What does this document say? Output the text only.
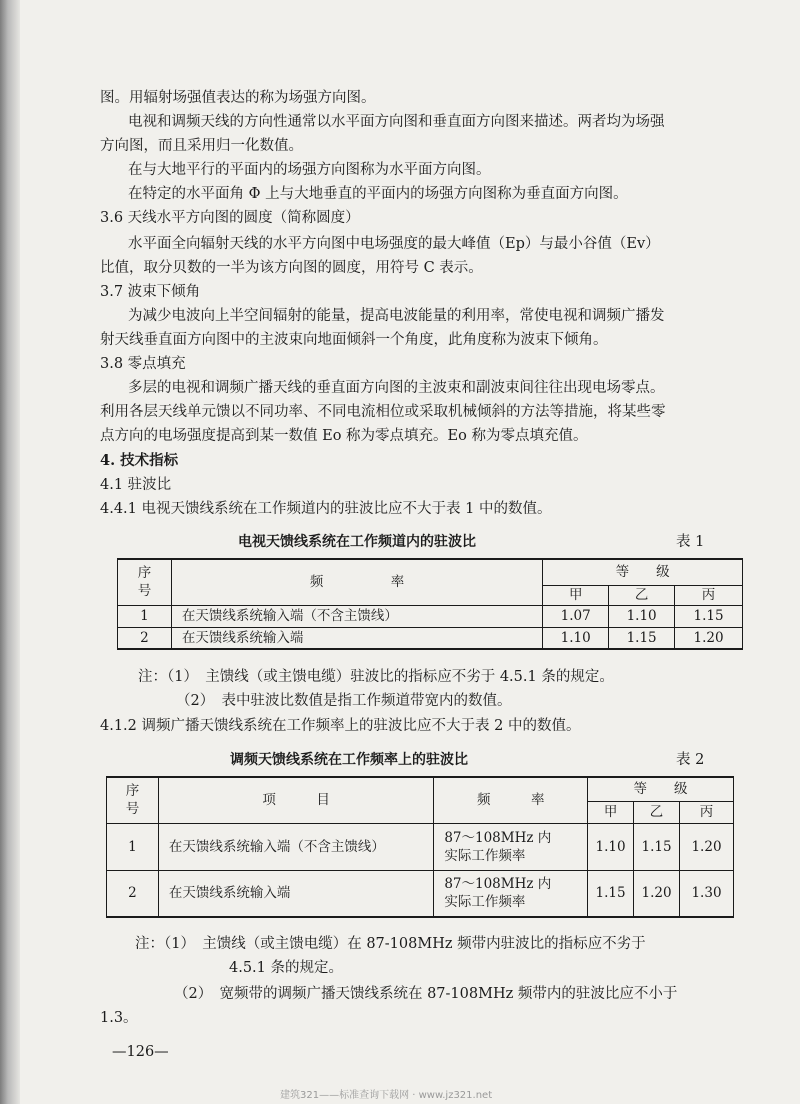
图。用辐射场强值表达的称为场强方向图。
电视和调频天线的方向性通常以水平面方向图和垂直面方向图来描述。两者均为场强
方向图，而且采用归一化数值。
在与大地平行的平面内的场强方向图称为水平面方向图。
在特定的水平面角 Φ 上与大地垂直的平面内的场强方向图称为垂直面方向图。
3.6 天线水平方向图的圆度（简称圆度）
水平面全向辐射天线的水平方向图中电场强度的最大峰值（Ep）与最小谷值（Ev）
比值，取分贝数的一半为该方向图的圆度，用符号 C 表示。
3.7 波束下倾角
为减少电波向上半空间辐射的能量，提高电波能量的利用率，常使电视和调频广播发
射天线垂直面方向图中的主波束向地面倾斜一个角度，此角度称为波束下倾角。
3.8 零点填充
多层的电视和调频广播天线的垂直面方向图的主波束和副波束间往往出现电场零点。
利用各层天线单元馈以不同功率、不同电流相位或采取机械倾斜的方法等措施，将某些零
点方向的电场强度提高到某一数值 Eo 称为零点填充。Eo 称为零点填充值。
4. 技术指标
4.1 驻波比
4.4.1 电视天馈线系统在工作频道内的驻波比应不大于表 1 中的数值。
电视天馈线系统在工作频道内的驻波比	表 1
序
号	频　　　　　率	等　　级		
		甲	乙	丙
1	在天馈线系统输入端（不含主馈线）	1.07	1.10	1.15
2	在天馈线系统输入端	1.10	1.15	1.20
注：（1）　主馈线（或主馈电缆）驻波比的指标应不劣于 4.5.1 条的规定。
（2）　表中驻波比数值是指工作频道带宽内的数值。
4.1.2 调频广播天馈线系统在工作频率上的驻波比应不大于表 2 中的数值。
调频天馈线系统在工作频率上的驻波比	表 2
序
号	项　　　目	频　　　率	等　　级		
			甲	乙	丙
1	在天馈线系统输入端（不含主馈线）	87～108MHz 内
实际工作频率	1.10	1.15	1.20
2	在天馈线系统输入端	87～108MHz 内
实际工作频率	1.15	1.20	1.30
注：（1）　主馈线（或主馈电缆）在 87-108MHz 频带内驻波比的指标应不劣于
4.5.1 条的规定。
（2）　宽频带的调频广播天馈线系统在 87-108MHz 频带内的驻波比应不小于
1.3。
—126—
建筑321——标准查询下载网 · www.jz321.net
